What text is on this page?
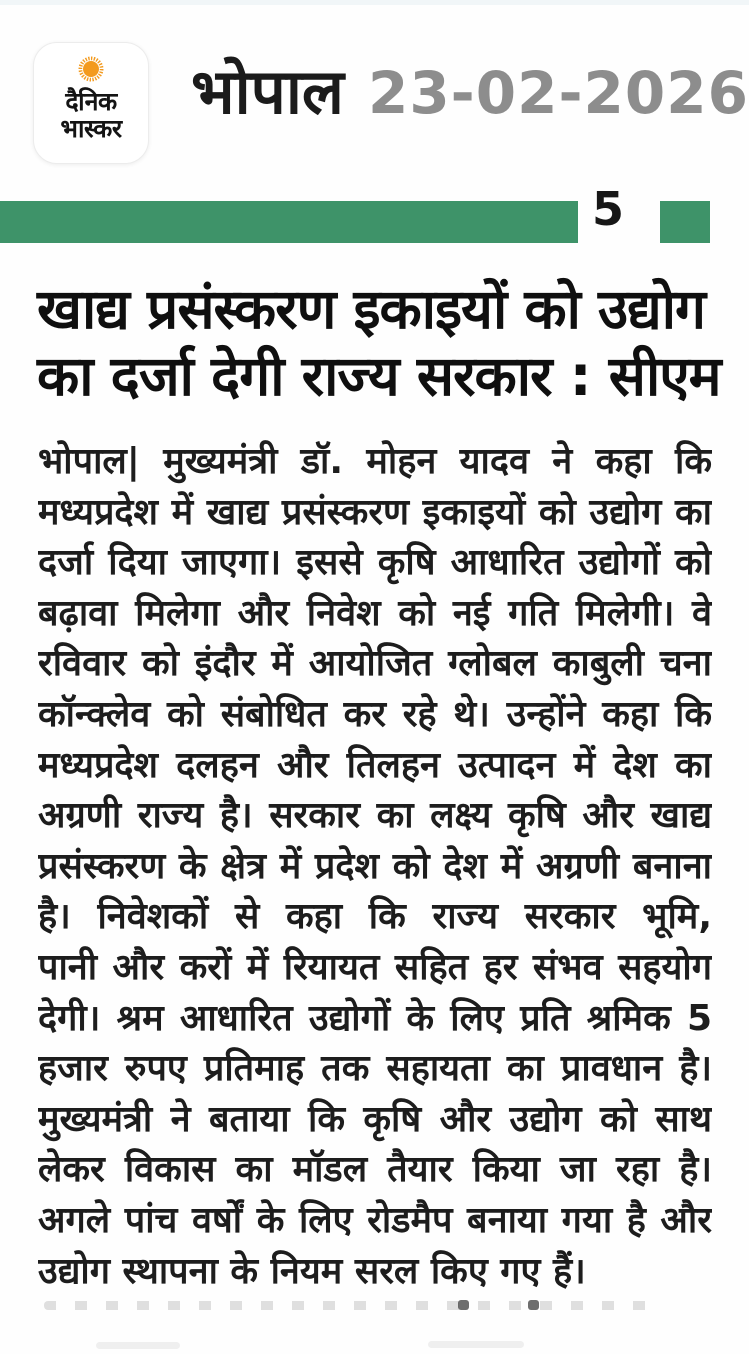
दैनिक
भास्कर
भोपाल 23-02-2026
5
खाद्य प्रसंस्करण इकाइयों को उद्योग
का दर्जा देगी राज्य सरकार : सीएम
भोपाल| मुख्यमंत्री डॉ. मोहन यादव ने कहा कि
मध्यप्रदेश में खाद्य प्रसंस्करण इकाइयों को उद्योग का
दर्जा दिया जाएगा। इससे कृषि आधारित उद्योगों को
बढ़ावा मिलेगा और निवेश को नई गति मिलेगी। वे
रविवार को इंदौर में आयोजित ग्लोबल काबुली चना
कॉन्क्लेव को संबोधित कर रहे थे। उन्होंने कहा कि
मध्यप्रदेश दलहन और तिलहन उत्पादन में देश का
अग्रणी राज्य है। सरकार का लक्ष्य कृषि और खाद्य
प्रसंस्करण के क्षेत्र में प्रदेश को देश में अग्रणी बनाना
है। निवेशकों से कहा कि राज्य सरकार भूमि,
पानी और करों में रियायत सहित हर संभव सहयोग
देगी। श्रम आधारित उद्योगों के लिए प्रति श्रमिक 5
हजार रुपए प्रतिमाह तक सहायता का प्रावधान है।
मुख्यमंत्री ने बताया कि कृषि और उद्योग को साथ
लेकर विकास का मॉडल तैयार किया जा रहा है।
अगले पांच वर्षों के लिए रोडमैप बनाया गया है और
उद्योग स्थापना के नियम सरल किए गए हैं।
